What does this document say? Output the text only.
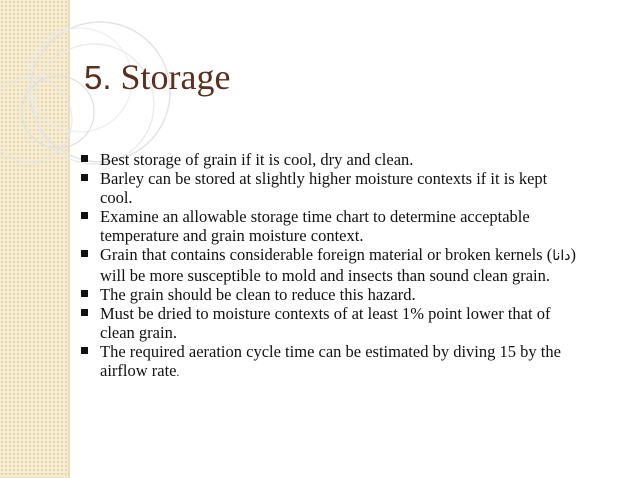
5. Storage
Best storage of grain if it is cool, dry and clean.
Barley can be stored at slightly higher moisture contexts if it is kept cool.
Examine an allowable storage time chart to determine acceptable temperature and grain moisture context.
Grain that contains considerable foreign material or broken kernels (دانا) will be more susceptible to mold and insects than sound clean grain.
The grain should be clean to reduce this hazard.
Must be dried to moisture contexts of at least 1% point lower that of clean grain.
The required aeration cycle time can be estimated by diving 15 by the airflow rate.
